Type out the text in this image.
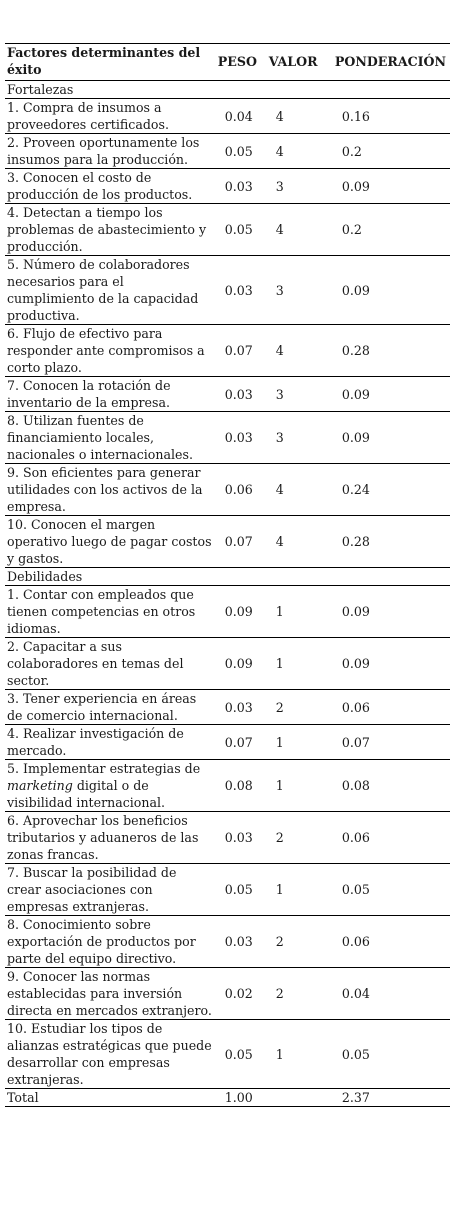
Factores determinantes del éxito	PESO	VALOR	PONDERACIÓN
Fortalezas			
1. Compra de insumos a proveedores certificados.	0.04	4	0.16
2. Proveen oportunamente los insumos para la producción.	0.05	4	0.2
3. Conocen el costo de producción de los productos.	0.03	3	0.09
4. Detectan a tiempo los problemas de abastecimiento y producción.	0.05	4	0.2
5. Número de colaboradores necesarios para el cumplimiento de la capacidad productiva.	0.03	3	0.09
6. Flujo de efectivo para responder ante compromisos a corto plazo.	0.07	4	0.28
7. Conocen la rotación de inventario de la empresa.	0.03	3	0.09
8. Utilizan fuentes de financiamiento locales, nacionales o internacionales.	0.03	3	0.09
9. Son eficientes para generar utilidades con los activos de la empresa.	0.06	4	0.24
10. Conocen el margen operativo luego de pagar costos y gastos.	0.07	4	0.28
Debilidades			
1. Contar con empleados que tienen competencias en otros idiomas.	0.09	1	0.09
2. Capacitar a sus colaboradores en temas del sector.	0.09	1	0.09
3. Tener experiencia en áreas de comercio internacional.	0.03	2	0.06
4. Realizar investigación de mercado.	0.07	1	0.07
5. Implementar estrategias de marketing digital o de visibilidad internacional.	0.08	1	0.08
6. Aprovechar los beneficios tributarios y aduaneros de las zonas francas.	0.03	2	0.06
7. Buscar la posibilidad de crear asociaciones con empresas extranjeras.	0.05	1	0.05
8. Conocimiento sobre exportación de productos por parte del equipo directivo.	0.03	2	0.06
9. Conocer las normas establecidas para inversión directa en mercados extranjero.	0.02	2	0.04
10. Estudiar los tipos de alianzas estratégicas que puede desarrollar con empresas extranjeras.	0.05	1	0.05
Total	1.00		2.37
